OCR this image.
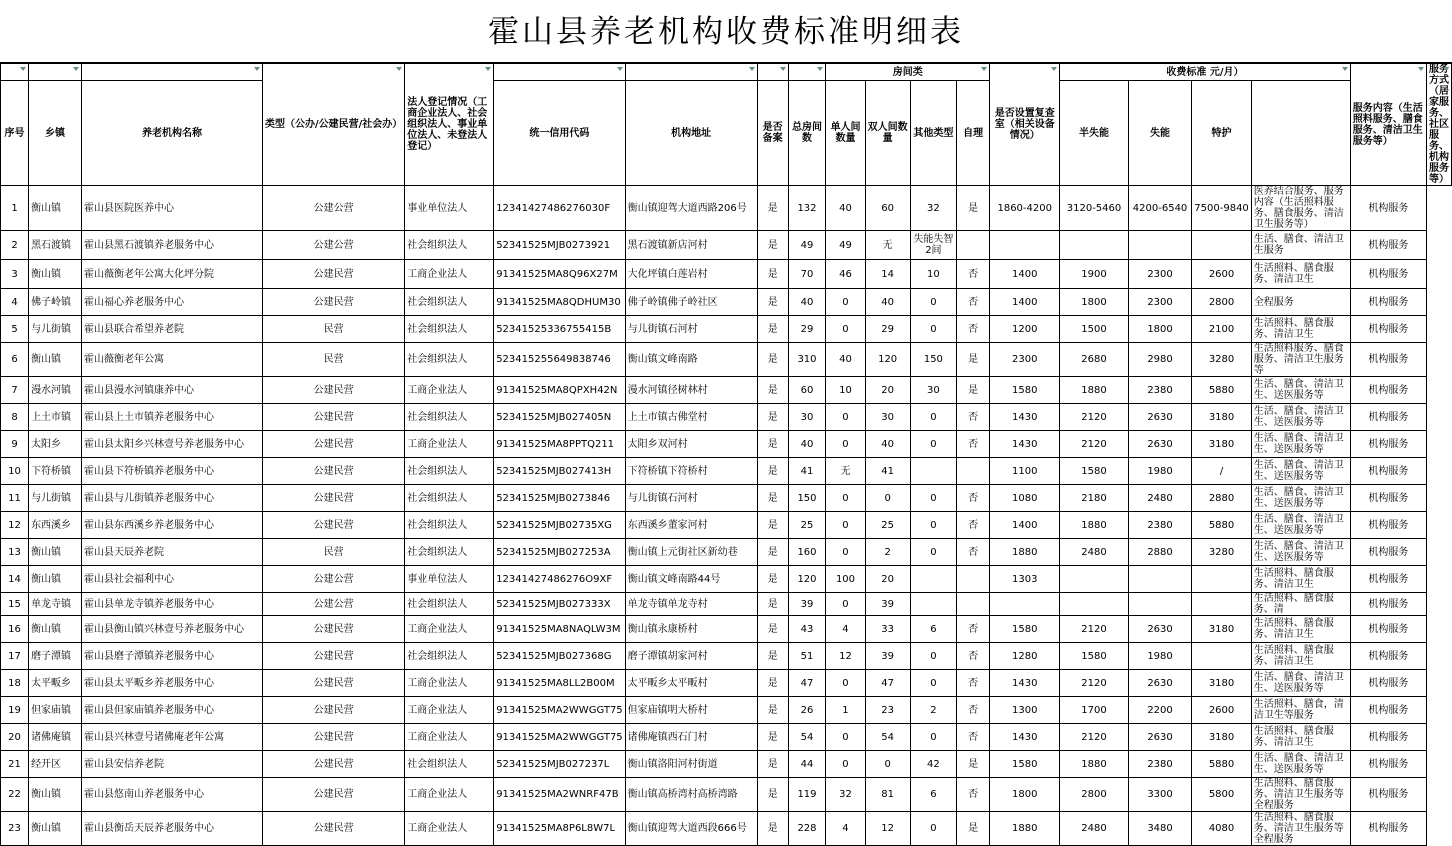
霍山县养老机构收费标准明细表

	类型（公办/公建民营/社会办）	法人登记情况（工商企业法人、社会组织法人、事业单位法人、未登法人登记）					房间类				是否设置复查室（相关设备情况）	收费标准 元/月）				服务内容（生活照料服务、膳食服务、清洁卫生服务等）	服务方式（居家服务、社区服务、机构服务等）

序号	乡镇	养老机构名称			统一信用代码	机构地址	是否备案	总房间数	单人间数量	双人间数量	其他类型	自理		半失能	失能	特护			
1	衡山镇	霍山县医院医养中心	公建公营	事业单位法人	12341427486276030F	衡山镇迎驾大道西路206号	是	132	40	60	32	是	1860-4200	3120-5460	4200-6540	7500-9840	医养结合服务、服务内容（生活照料服务、膳食服务、清洁卫生服务等）	机构服务	
2	黑石渡镇	霍山县黑石渡镇养老服务中心	公建公营	社会组织法人	52341525MJB0273921	黑石渡镇新店河村	是	49	49	无	失能失智2间						生活、膳食、清洁卫生服务	机构服务	
3	衡山镇	霍山薇衡老年公寓大化坪分院	公建民营	工商企业法人	91341525MA8Q96X27M	大化坪镇白莲岩村	是	70	46	14	10	否	1400	1900	2300	2600	生活照料、膳食服务、清洁卫生	机构服务	
4	佛子岭镇	霍山福心养老服务中心	公建民营	社会组织法人	91341525MA8QDHUM30	佛子岭镇佛子岭社区	是	40	0	40	0	否	1400	1800	2300	2800	全程服务	机构服务	
5	与儿街镇	霍山县联合希望养老院	民营	社会组织法人	52341525336755415B	与儿街镇石河村	是	29	0	29	0	否	1200	1500	1800	2100	生活照料、膳食服务、清洁卫生	机构服务	
6	衡山镇	霍山薇衡老年公寓	民营	社会组织法人	523415255649838746	衡山镇文峰南路	是	310	40	120	150	是	2300	2680	2980	3280	生活照料服务、膳食服务、清洁卫生服务等	机构服务	
7	漫水河镇	霍山县漫水河镇康养中心	公建民营	工商企业法人	91341525MA8QPXH42N	漫水河镇径树林村	是	60	10	20	30	是	1580	1880	2380	5880	生活、膳食、清洁卫生、送医服务等	机构服务	
8	上土市镇	霍山县上土市镇养老服务中心	公建民营	社会组织法人	52341525MJB027405N	上土市镇古佛堂村	是	30	0	30	0	否	1430	2120	2630	3180	生活、膳食、清洁卫生、送医服务等	机构服务	
9	太阳乡	霍山县太阳乡兴林壹号养老服务中心	公建民营	工商企业法人	91341525MA8PPTQ211	太阳乡双河村	是	40	0	40	0	否	1430	2120	2630	3180	生活、膳食、清洁卫生、送医服务等	机构服务	
10	下符桥镇	霍山县下符桥镇养老服务中心	公建民营	社会组织法人	52341525MJB027413H	下符桥镇下符桥村	是	41	无	41			1100	1580	1980	/	生活、膳食、清洁卫生、送医服务等	机构服务	
11	与儿街镇	霍山县与儿街镇养老服务中心	公建民营	社会组织法人	52341525MJB0273846	与儿街镇石河村	是	150	0	0	0	否	1080	2180	2480	2880	生活、膳食、清洁卫生、送医服务等	机构服务	
12	东西溪乡	霍山县东西溪乡养老服务中心	公建民营	社会组织法人	52341525MJB02735XG	东西溪乡董家河村	是	25	0	25	0	否	1400	1880	2380	5880	生活、膳食、清洁卫生、送医服务等	机构服务	
13	衡山镇	霍山县天辰养老院	民营	社会组织法人	52341525MJB027253A	衡山镇上元街社区新幼巷	是	160	0	2	0	否	1880	2480	2880	3280	生活、膳食、清洁卫生、送医服务等	机构服务	
14	衡山镇	霍山县社会福利中心	公建公营	事业单位法人	12341427486276O9XF	衡山镇文峰南路44号	是	120	100	20			1303				生活照料、膳食服务、清洁卫生	机构服务	
15	单龙寺镇	霍山县单龙寺镇养老服务中心	公建公营	社会组织法人	52341525MJB027333X	单龙寺镇单龙寺村	是	39	0	39							生活照料、膳食服务、清	机构服务	
16	衡山镇	霍山县衡山镇兴林壹号养老服务中心	公建民营	工商企业法人	91341525MA8NAQLW3M	衡山镇永康桥村	是	43	4	33	6	否	1580	2120	2630	3180	生活照料、膳食服务、清洁卫生	机构服务	
17	磨子潭镇	霍山县磨子潭镇养老服务中心	公建民营	社会组织法人	52341525MJB027368G	磨子潭镇胡家河村	是	51	12	39	0	否	1280	1580	1980		生活照料、膳食服务、清洁卫生	机构服务	
18	太平畈乡	霍山县太平畈乡养老服务中心	公建民营	工商企业法人	91341525MA8LL2B00M	太平畈乡太平畈村	是	47	0	47	0	否	1430	2120	2630	3180	生活、膳食、清洁卫生、送医服务等	机构服务	
19	但家庙镇	霍山县但家庙镇养老服务中心	公建民营	工商企业法人	91341525MA2WWGGT75	但家庙镇明大桥村	是	26	1	23	2	否	1300	1700	2200	2600	生活照料、膳食，清洁卫生等服务	机构服务	
20	诸佛庵镇	霍山县兴林壹号诸佛庵老年公寓	公建民营	工商企业法人	91341525MA2WWGGT75	诸佛庵镇西石门村	是	54	0	54	0	否	1430	2120	2630	3180	生活照料、膳食服务、清洁卫生	机构服务	
21	经开区	霍山县安信养老院	公建民营	社会组织法人	52341525MJB027237L	衡山镇洛阳河村街道	是	44	0	0	42	是	1580	1880	2380	5880	生活、膳食、清洁卫生、送医服务等	机构服务	
22	衡山镇	霍山县悠南山养老服务中心	公建民营	工商企业法人	91341525MA2WNRF47B	衡山镇高桥湾村高桥湾路	是	119	32	81	6	否	1800	2800	3300	5800	生活照料、膳食服务、清洁卫生服务等全程服务	机构服务	
23	衡山镇	霍山县衡岳天辰养老服务中心	公建民营	工商企业法人	91341525MA8P6L8W7L	衡山镇迎驾大道西段666号	是	228	4	12	0	是	1880	2480	3480	4080	生活照料、膳食服务、清洁卫生服务等全程服务	机构服务	
